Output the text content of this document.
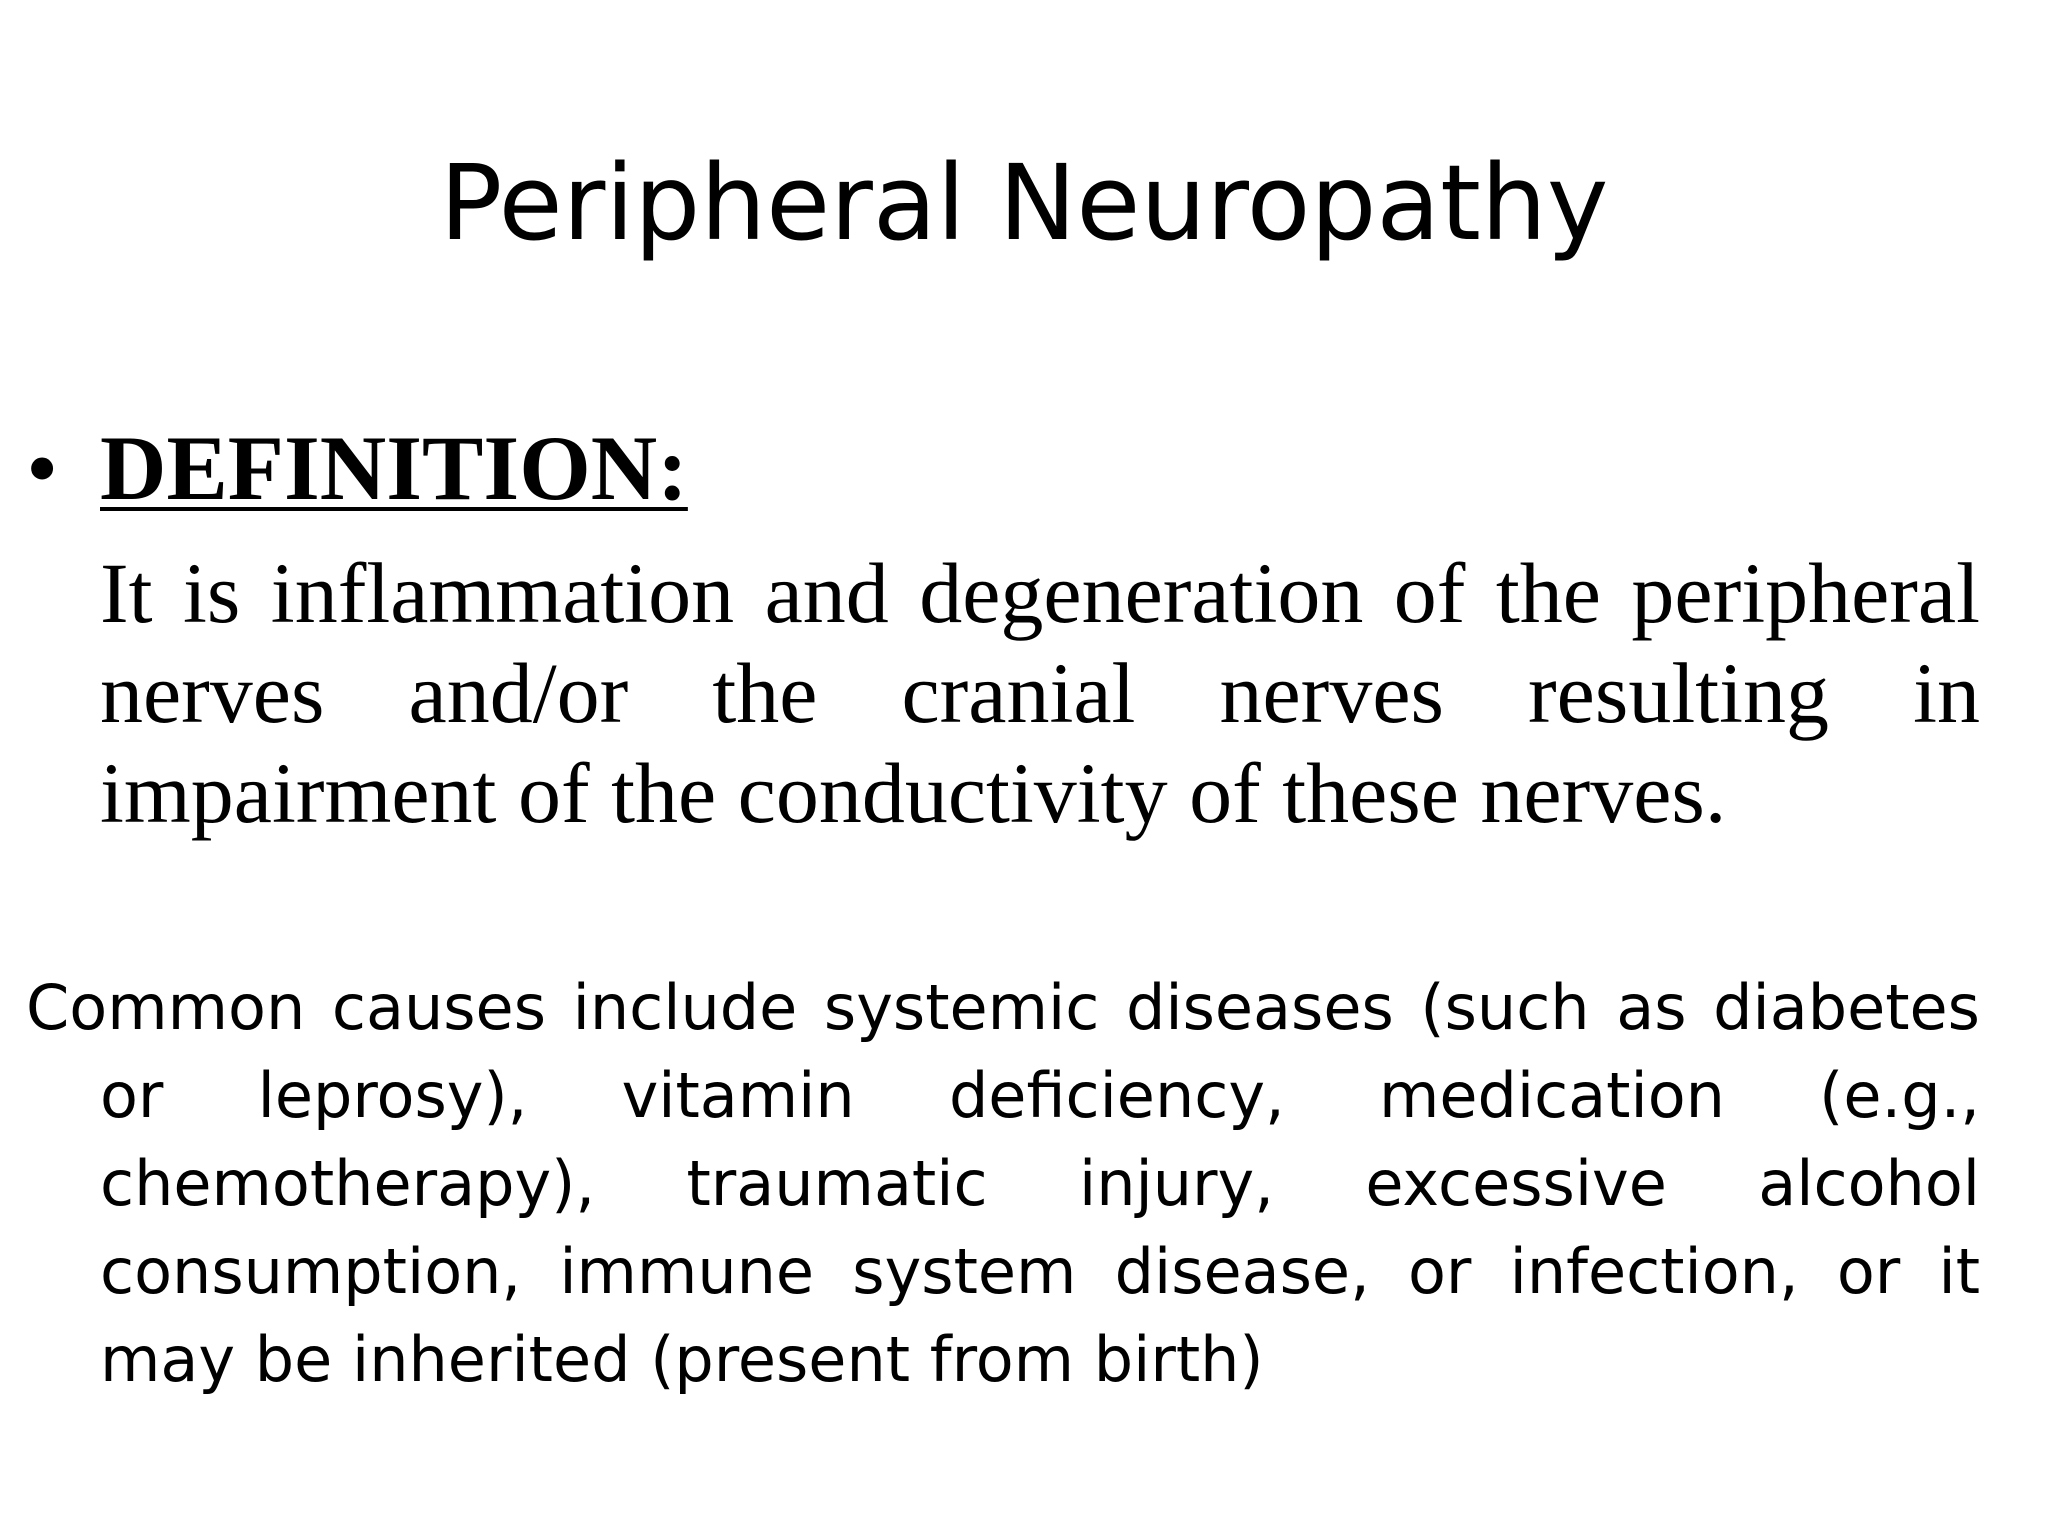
Peripheral Neuropathy
• DEFINITION:

It is inflammation and degeneration of the peripheral nerves and/or the cranial nerves resulting in impairment of the conductivity of these nerves.

Common causes include systemic diseases (such as diabetes or leprosy), vitamin deficiency, medication (e.g., chemotherapy), traumatic injury, excessive alcohol consumption, immune system disease, or infection, or it may be inherited (present from birth)
